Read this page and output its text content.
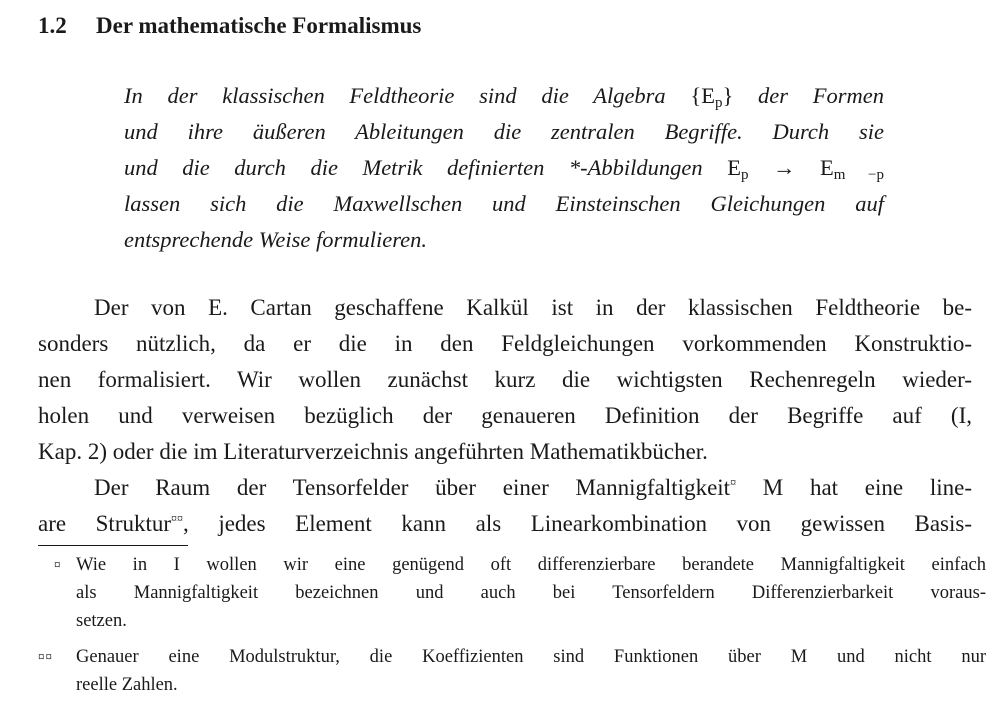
1.2 Der mathematische Formalismus
In der klassischen Feldtheorie sind die Algebra $\{E_p\}$ der Formen
und ihre äußeren Ableitungen die zentralen Begriffe. Durch sie
und die durch die Metrik definierten *-Abbildungen $E_p \to E_{m -p}$
lassen sich die Maxwellschen und Einsteinschen Gleichungen auf
entsprechende Weise formulieren.
Der von E. Cartan geschaffene Kalkül ist in der klassischen Feldtheorie be-
sonders nützlich, da er die in den Feldgleichungen vorkommenden Konstruktio-
nen formalisiert. Wir wollen zunächst kurz die wichtigsten Rechenregeln wieder-
holen und verweisen bezüglich der genaueren Definition der Begriffe auf (I,
Kap. 2) oder die im Literaturverzeichnis angeführten Mathematikbücher.
Der Raum der Tensorfelder über einer Mannigfaltigkeit¤ M hat eine line-
are Struktur¤¤, jedes Element kann als Linearkombination von gewissen Basis-
¤ Wie in I wollen wir eine genügend oft differenzierbare berandete Mannigfaltigkeit einfach
als Mannigfaltigkeit bezeichnen und auch bei Tensorfeldern Differenzierbarkeit voraus-
setzen.
¤¤ Genauer eine Modulstruktur, die Koeffizienten sind Funktionen über M und nicht nur
reelle Zahlen.
